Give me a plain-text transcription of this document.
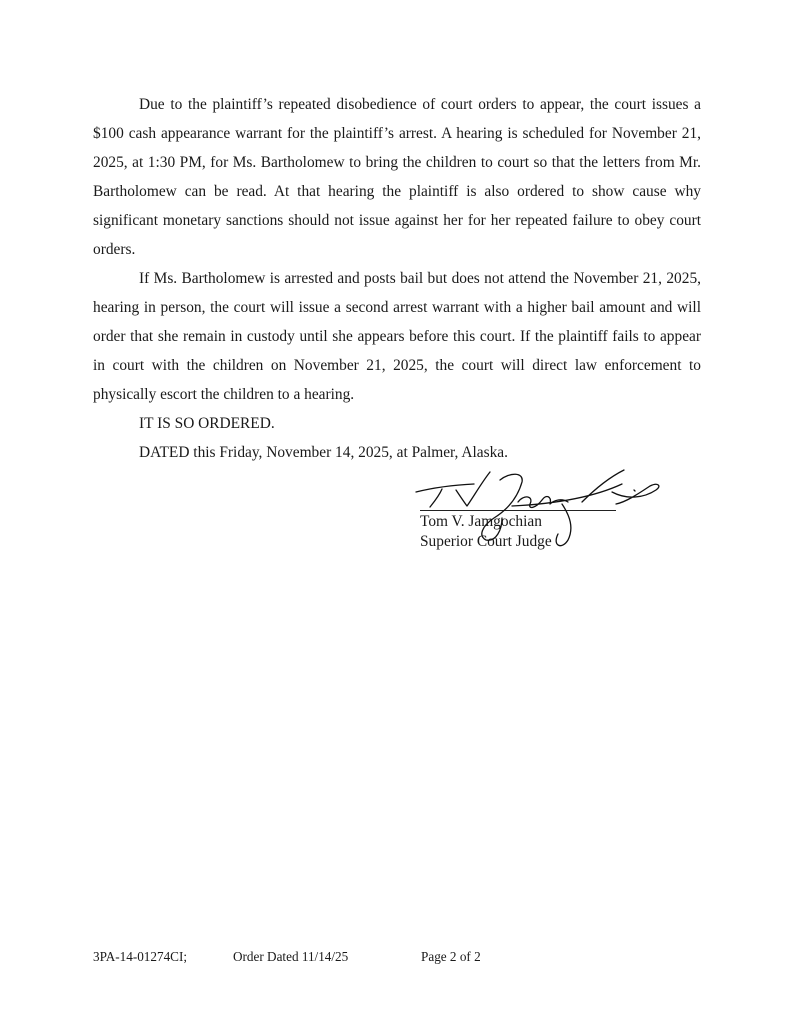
Due to the plaintiff’s repeated disobedience of court orders to appear, the court issues a $100 cash appearance warrant for the plaintiff’s arrest. A hearing is scheduled for November 21, 2025, at 1:30 PM, for Ms. Bartholomew to bring the children to court so that the letters from Mr. Bartholomew can be read. At that hearing the plaintiff is also ordered to show cause why significant monetary sanctions should not issue against her for her repeated failure to obey court orders.

If Ms. Bartholomew is arrested and posts bail but does not attend the November 21, 2025, hearing in person, the court will issue a second arrest warrant with a higher bail amount and will order that she remain in custody until she appears before this court. If the plaintiff fails to appear in court with the children on November 21, 2025, the court will direct law enforcement to physically escort the children to a hearing.

IT IS SO ORDERED.
DATED this Friday, November 14, 2025, at Palmer, Alaska.
Tom V. Jamgochian
Superior Court Judge
3PA-14-01274CI;	Order Dated 11/14/25	Page 2 of 2
